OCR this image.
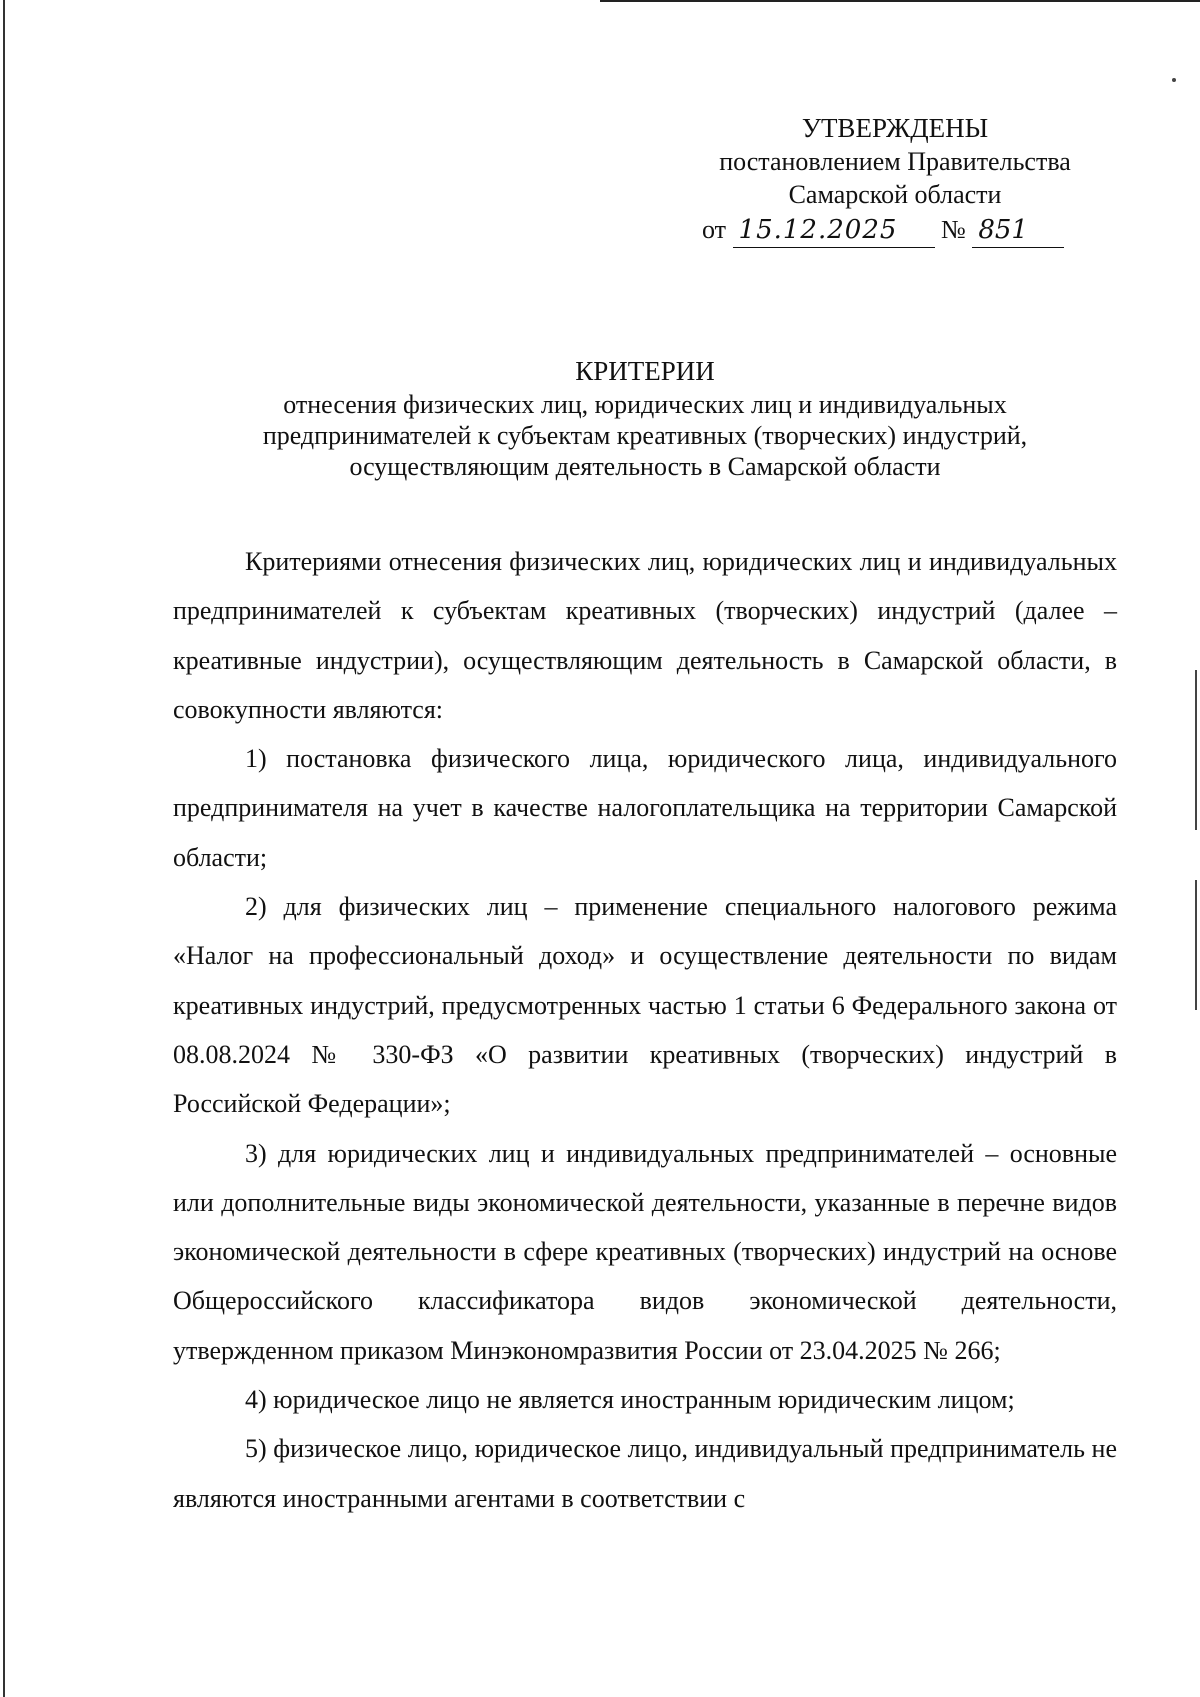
УТВЕРЖДЕНЫ
постановлением Правительства
Самарской области
от 15.12.2025 № 851
КРИТЕРИИ
отнесения физических лиц, юридических лиц и индивидуальных
предпринимателей к субъектам креативных (творческих) индустрий,
осуществляющим деятельность в Самарской области

Критериями отнесения физических лиц, юридических лиц и индивидуальных предпринимателей к субъектам креативных (творческих) индустрий (далее – креативные индустрии), осуществляющим деятельность в Самарской области, в совокупности являются:

1) постановка физического лица, юридического лица, индивидуального предпринимателя на учет в качестве налогоплательщика на территории Самарской области;

2) для физических лиц – применение специального налогового режима «Налог на профессиональный доход» и осуществление деятельности по видам креативных индустрий, предусмотренных частью 1 статьи 6 Федерального закона от 08.08.2024 № 330-ФЗ «О развитии креативных (творческих) индустрий в Российской Федерации»;

3) для юридических лиц и индивидуальных предпринимателей – основные или дополнительные виды экономической деятельности, указанные в перечне видов экономической деятельности в сфере креативных (творческих) индустрий на основе Общероссийского классификатора видов экономической деятельности, утвержденном приказом Минэкономразвития России от 23.04.2025 № 266;

4) юридическое лицо не является иностранным юридическим лицом;

5) физическое лицо, юридическое лицо, индивидуальный предприниматель не являются иностранными агентами в соответствии с
